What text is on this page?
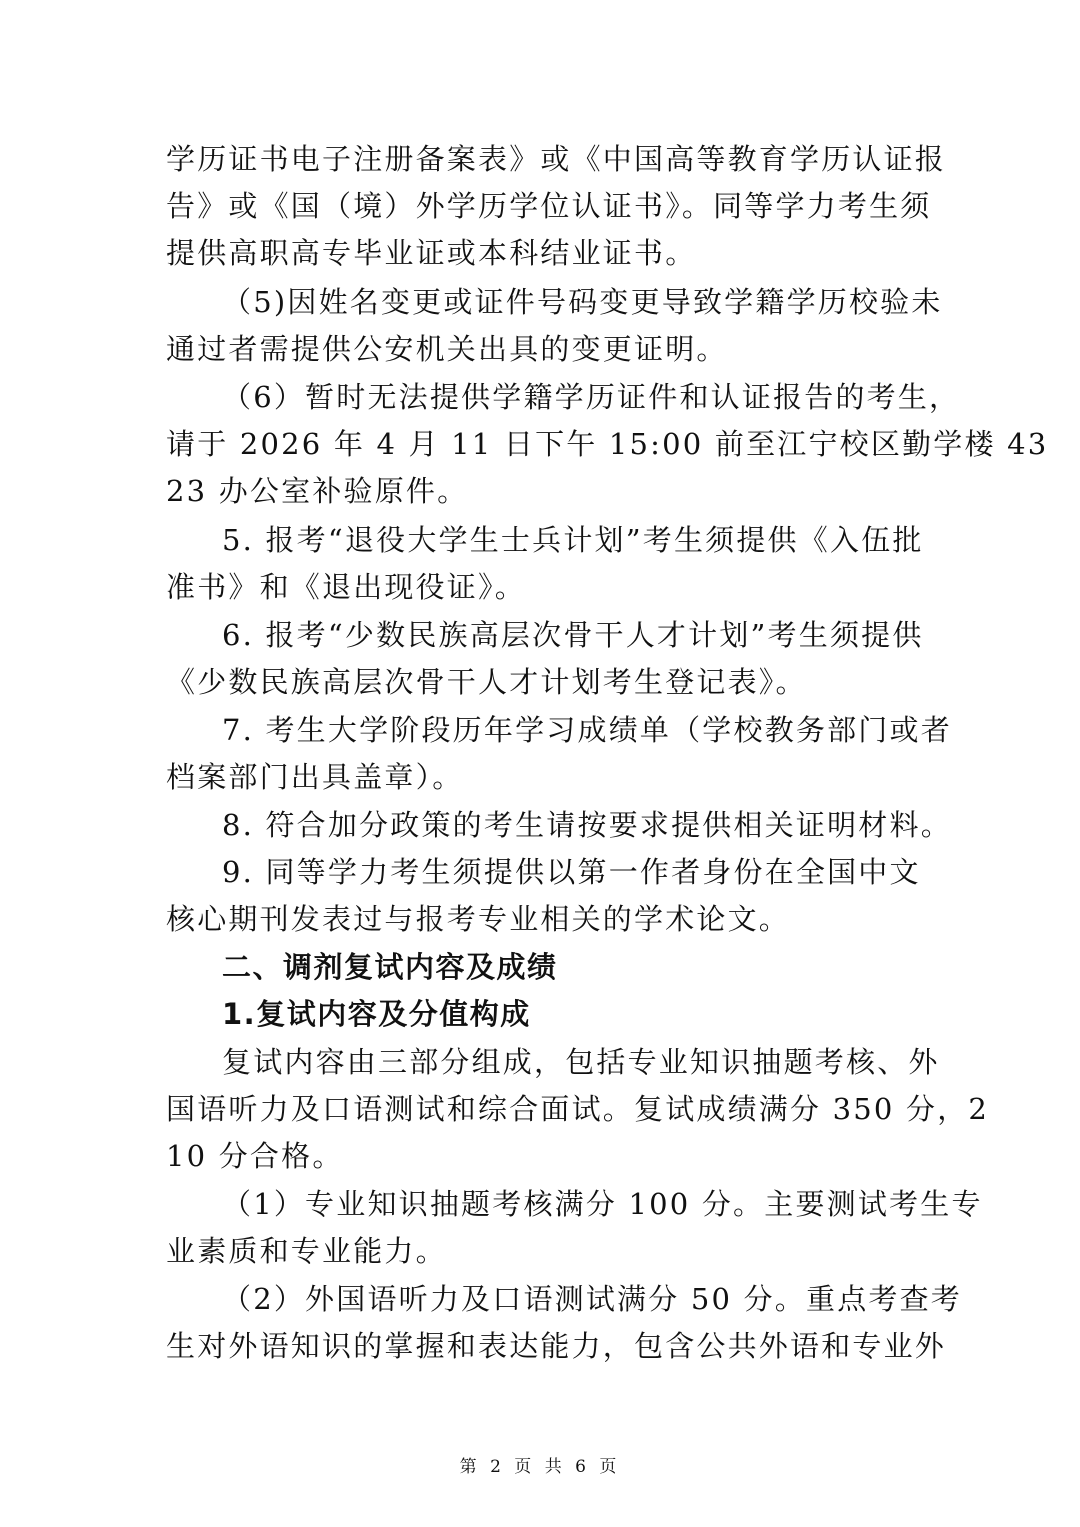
学历证书电子注册备案表》或《中国高等教育学历认证报
告》或《国（境）外学历学位认证书》。同等学力考生须
提供高职高专毕业证或本科结业证书。
（5)因姓名变更或证件号码变更导致学籍学历校验未
通过者需提供公安机关出具的变更证明。
（6）暂时无法提供学籍学历证件和认证报告的考生，
请于 2026 年 4 月 11 日下午 15:00 前至江宁校区勤学楼 43
23 办公室补验原件。
5. 报考“退役大学生士兵计划”考生须提供《入伍批
准书》和《退出现役证》。
6. 报考“少数民族高层次骨干人才计划”考生须提供
《少数民族高层次骨干人才计划考生登记表》。
7. 考生大学阶段历年学习成绩单（学校教务部门或者
档案部门出具盖章）。
8. 符合加分政策的考生请按要求提供相关证明材料。
9. 同等学力考生须提供以第一作者身份在全国中文
核心期刊发表过与报考专业相关的学术论文。
二、调剂复试内容及成绩
1.复试内容及分值构成
复试内容由三部分组成，包括专业知识抽题考核、外
国语听力及口语测试和综合面试。复试成绩满分 350 分，2
10 分合格。
（1）专业知识抽题考核满分 100 分。主要测试考生专
业素质和专业能力。
（2）外国语听力及口语测试满分 50 分。重点考查考
生对外语知识的掌握和表达能力，包含公共外语和专业外
第 2 页 共 6 页
